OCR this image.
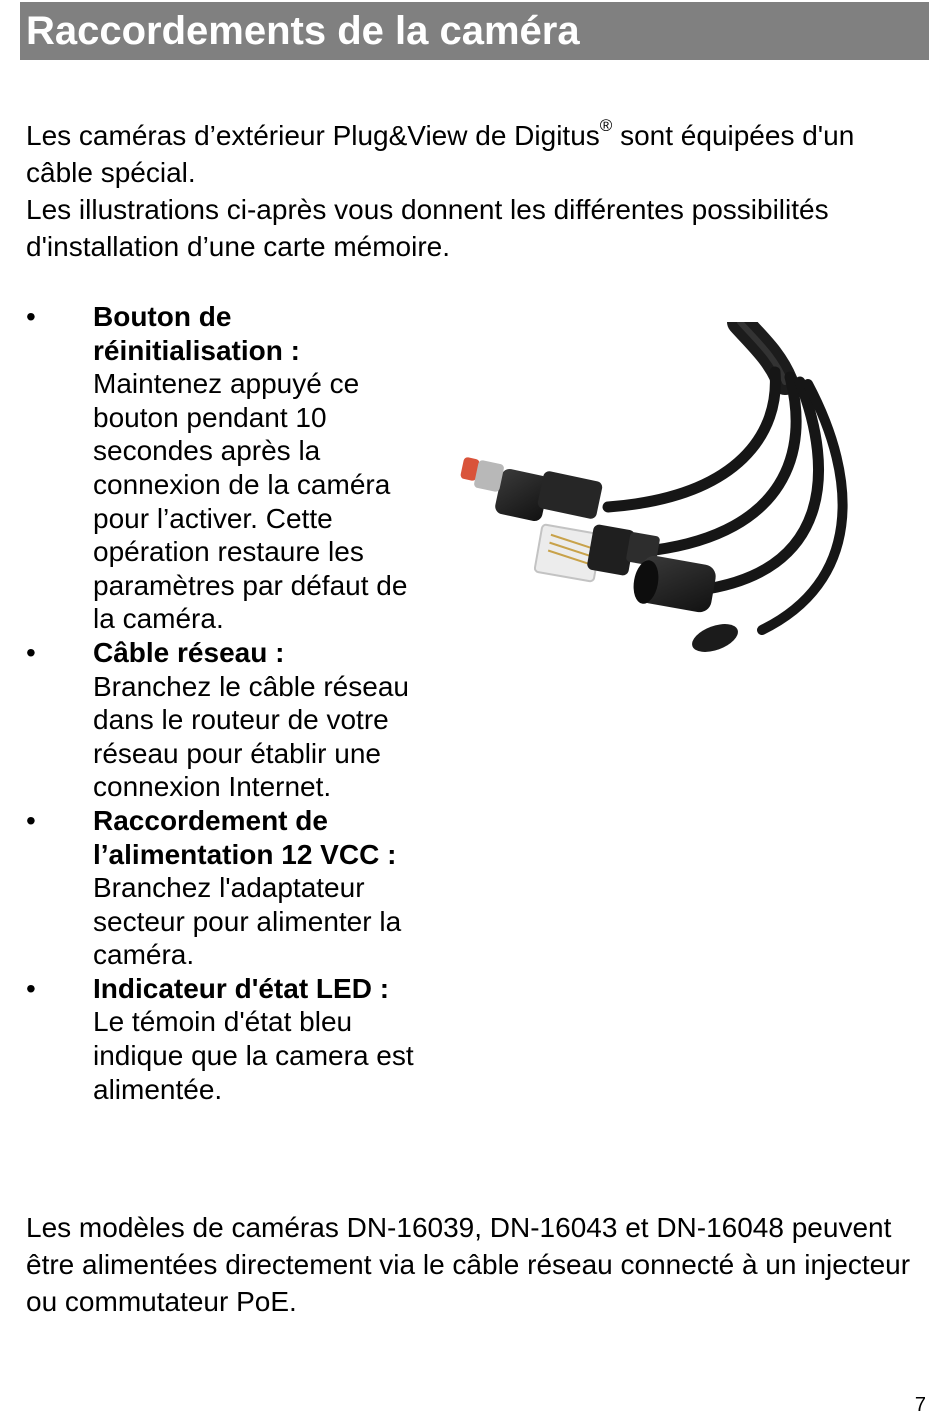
Raccordements de la caméra

Les caméras d’extérieur Plug&View de Digitus® sont équipées d'un câble spécial.

Les illustrations ci-après vous donnent les différentes possibilités d'installation d’une carte mémoire.

•	Bouton de réinitialisation :
Maintenez appuyé ce bouton pendant 10 secondes après la connexion de la caméra pour l’activer. Cette opération restaure les paramètres par défaut de la caméra.
•	Câble réseau :
Branchez le câble réseau dans le routeur de votre réseau pour établir une connexion Internet.
•	Raccordement de l’alimentation 12 VCC :
Branchez l'adaptateur secteur pour alimenter la caméra.
•	Indicateur d'état LED :
Le témoin d'état bleu indique que la camera est alimentée.
Les modèles de caméras DN-16039, DN-16043 et DN-16048 peuvent être alimentées directement via le câble réseau connecté à un injecteur ou commutateur PoE.
7
